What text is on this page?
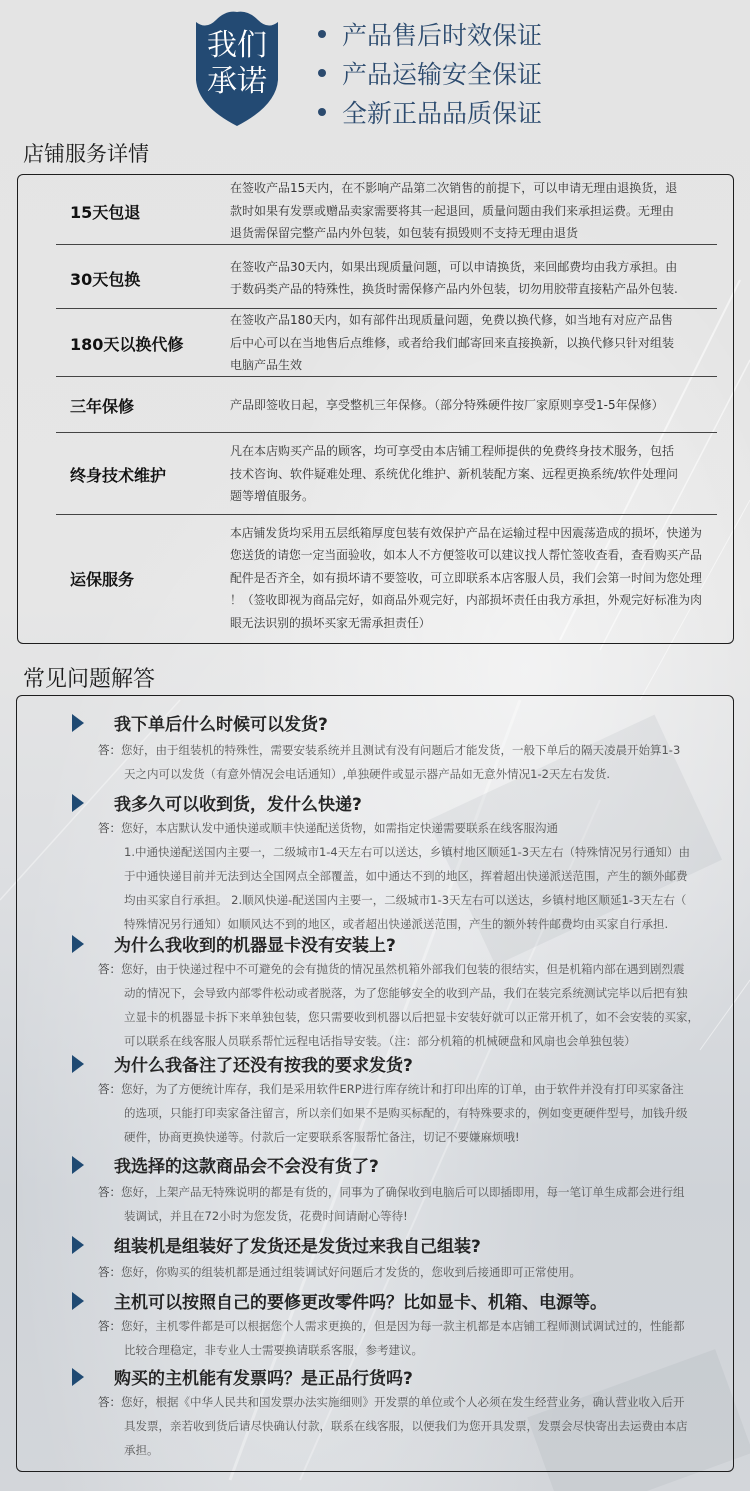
我们
承诺
产品售后时效保证
产品运输安全保证
全新正品品质保证
店铺服务详情
15天包退
在签收产品15天内，在不影响产品第二次销售的前提下，可以申请无理由退换货，退
款时如果有发票或赠品卖家需要将其一起退回，质量问题由我们来承担运费。无理由
退货需保留完整产品内外包装，如包装有损毁则不支持无理由退货
30天包换
在签收产品30天内，如果出现质量问题，可以申请换货，来回邮费均由我方承担。由
于数码类产品的特殊性，换货时需保修产品内外包装，切勿用胶带直接粘产品外包装.
180天以换代修
在签收产品180天内，如有部件出现质量问题，免费以换代修，如当地有对应产品售
后中心可以在当地售后点维修，或者给我们邮寄回来直接换新，以换代修只针对组装
电脑产品生效
三年保修	产品即签收日起，享受整机三年保修。（部分特殊硬件按厂家原则享受1-5年保修）
终身技术维护
凡在本店购买产品的顾客，均可享受由本店铺工程师提供的免费终身技术服务，包括
技术咨询、软件疑难处理、系统优化维护、新机装配方案、远程更换系统/软件处理问
题等增值服务。
运保服务
本店铺发货均采用五层纸箱厚度包装有效保护产品在运输过程中因震荡造成的损坏，快递为
您送货的请您一定当面验收，如本人不方便签收可以建议找人帮忙签收查看，查看购买产品
配件是否齐全，如有损坏请不要签收，可立即联系本店客服人员，我们会第一时间为您处理
！（签收即视为商品完好，如商品外观完好，内部损坏责任由我方承担，外观完好标准为肉
眼无法识别的损坏买家无需承担责任）
常见问题解答
我下单后什么时候可以发货?
答：您好，由于组装机的特殊性，需要安装系统并且测试有没有问题后才能发货，一般下单后的隔天凌晨开始算1-3
天之内可以发货（有意外情况会电话通知）,单独硬件或显示器产品如无意外情况1-2天左右发货.
我多久可以收到货，发什么快递?
答：您好，本店默认发中通快递或顺丰快递配送货物，如需指定快递需要联系在线客服沟通
1.中通快递配送国内主要一，二级城市1-4天左右可以送达，乡镇村地区顺延1-3天左右（特殊情况另行通知）由
于中通快递目前并无法到达全国网点全部覆盖，如中通达不到的地区，挥着超出快递派送范围，产生的额外邮费
均由买家自行承担。 2.顺风快递-配送国内主要一，二级城市1-3天左右可以送达，乡镇村地区顺延1-3天左右（
特殊情况另行通知）如顺风达不到的地区，或者超出快递派送范围，产生的额外转件邮费均由买家自行承担.
为什么我收到的机器显卡没有安装上?
答：您好，由于快递过程中不可避免的会有抛货的情况虽然机箱外部我们包装的很结实，但是机箱内部在遇到剧烈震
动的情况下，会导致内部零件松动或者脱落，为了您能够安全的收到产品，我们在装完系统测试完毕以后把有独
立显卡的机器显卡拆下来单独包装，您只需要收到机器以后把显卡安装好就可以正常开机了，如不会安装的买家，
可以联系在线客服人员联系帮忙远程电话指导安装。（注：部分机箱的机械硬盘和风扇也会单独包装）
为什么我备注了还没有按我的要求发货?
答：您好，为了方便统计库存，我们是采用软件ERP进行库存统计和打印出库的订单，由于软件并没有打印买家备注
的选项，只能打印卖家备注留言，所以亲们如果不是购买标配的，有特殊要求的，例如变更硬件型号，加钱升级
硬件，协商更换快递等。付款后一定要联系客服帮忙备注，切记不要嫌麻烦哦!
我选择的这款商品会不会没有货了?
答：您好，上架产品无特殊说明的都是有货的，同事为了确保收到电脑后可以即插即用，每一笔订单生成都会进行组
装调试，并且在72小时为您发货，花费时间请耐心等待!
组装机是组装好了发货还是发货过来我自己组装?
答：您好，你购买的组装机都是通过组装调试好问题后才发货的，您收到后接通即可正常使用。
主机可以按照自己的要修更改零件吗？比如显卡、机箱、电源等。
答：您好，主机零件都是可以根据您个人需求更换的，但是因为每一款主机都是本店铺工程师测试调试过的，性能都
比较合理稳定，非专业人士需要换请联系客服，参考建议。
购买的主机能有发票吗？是正品行货吗?
答：您好，根据《中华人民共和国发票办法实施细则》开发票的单位或个人必须在发生经营业务，确认营业收入后开
具发票，亲若收到货后请尽快确认付款，联系在线客服，以便我们为您开具发票，发票会尽快寄出去运费由本店
承担。
